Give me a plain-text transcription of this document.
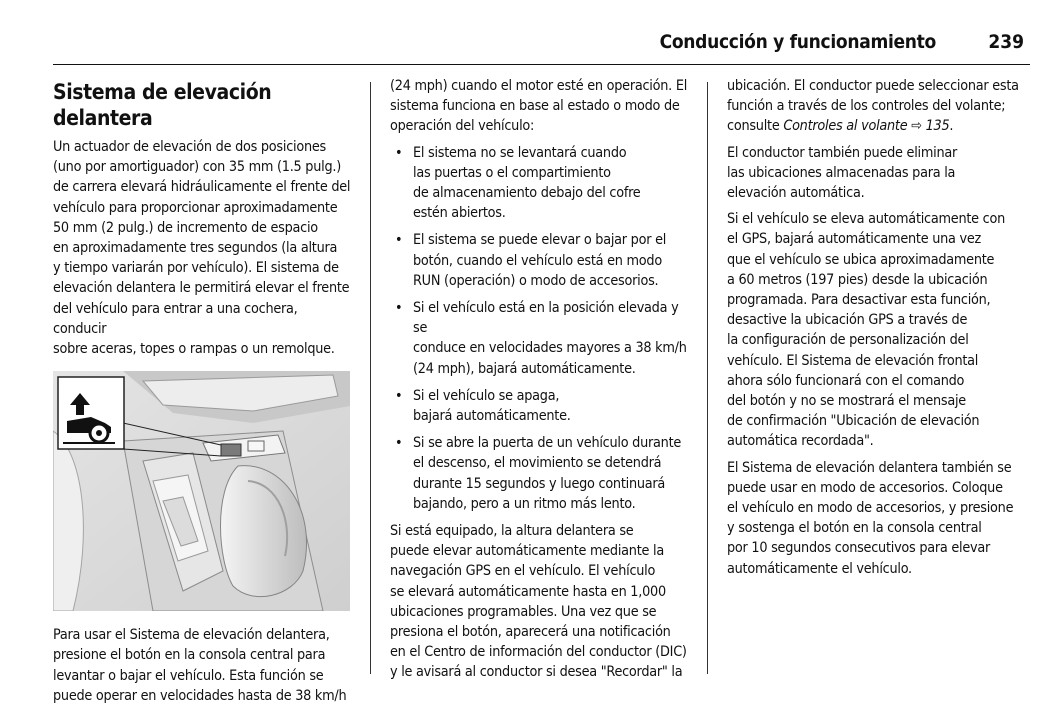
Conducción y funcionamiento	239
Sistema de elevación delantera

Un actuador de elevación de dos posiciones
(uno por amortiguador) con 35 mm (1.5 pulg.)
de carrera elevará hidráulicamente el frente del
vehículo para proporcionar aproximadamente
50 mm (2 pulg.) de incremento de espacio
en aproximadamente tres segundos (la altura
y tiempo variarán por vehículo). El sistema de
elevación delantera le permitirá elevar el frente
del vehículo para entrar a una cochera, conducir
sobre aceras, topes o rampas o un remolque.

Para usar el Sistema de elevación delantera,
presione el botón en la consola central para
levantar o bajar el vehículo. Esta función se
puede operar en velocidades hasta de 38 km/h

(24 mph) cuando el motor esté en operación. El
sistema funciona en base al estado o modo de
operación del vehículo:

• El sistema no se levantará cuando
las puertas o el compartimiento
de almacenamiento debajo del cofre
estén abiertos.
• El sistema se puede elevar o bajar por el
botón, cuando el vehículo está en modo
RUN (operación) o modo de accesorios.
• Si el vehículo está en la posición elevada y se
conduce en velocidades mayores a 38 km/h
(24 mph), bajará automáticamente.
• Si el vehículo se apaga,
bajará automáticamente.
• Si se abre la puerta de un vehículo durante
el descenso, el movimiento se detendrá
durante 15 segundos y luego continuará
bajando, pero a un ritmo más lento.

Si está equipado, la altura delantera se
puede elevar automáticamente mediante la
navegación GPS en el vehículo. El vehículo
se elevará automáticamente hasta en 1,000
ubicaciones programables. Una vez que se
presiona el botón, aparecerá una notificación
en el Centro de información del conductor (DIC)
y le avisará al conductor si desea "Recordar" la

ubicación. El conductor puede seleccionar esta
función a través de los controles del volante;
consulte Controles al volante ⇨ 135.

El conductor también puede eliminar
las ubicaciones almacenadas para la
elevación automática.

Si el vehículo se eleva automáticamente con
el GPS, bajará automáticamente una vez
que el vehículo se ubica aproximadamente
a 60 metros (197 pies) desde la ubicación
programada. Para desactivar esta función,
desactive la ubicación GPS a través de
la configuración de personalización del
vehículo. El Sistema de elevación frontal
ahora sólo funcionará con el comando
del botón y no se mostrará el mensaje
de confirmación "Ubicación de elevación
automática recordada".

El Sistema de elevación delantera también se
puede usar en modo de accesorios. Coloque
el vehículo en modo de accesorios, y presione
y sostenga el botón en la consola central
por 10 segundos consecutivos para elevar
automáticamente el vehículo.
